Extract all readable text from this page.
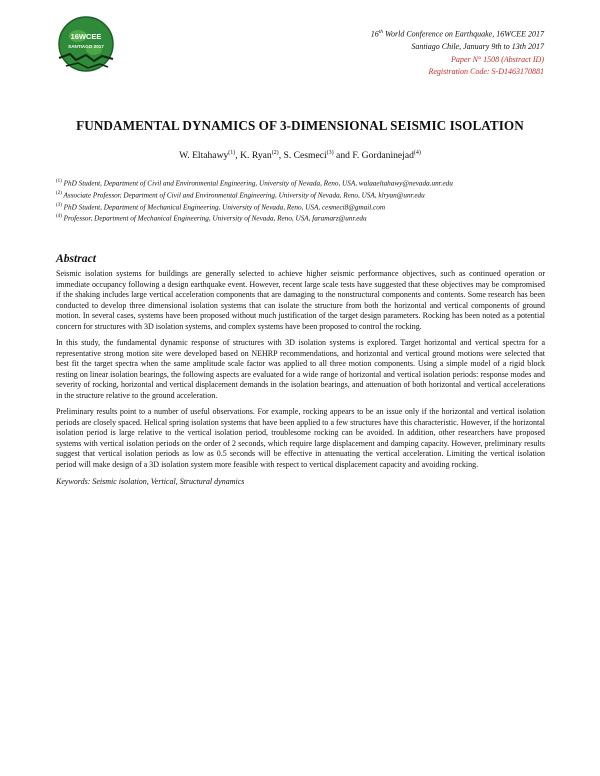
16WCEE
SANTIAGO 2017
16th World Conference on Earthquake, 16WCEE 2017
Santiago Chile, January 9th to 13th 2017
Paper N° 1508 (Abstract ID)
Registration Code: S-D1463170881
FUNDAMENTAL DYNAMICS OF 3-DIMENSIONAL SEISMIC ISOLATION
W. Eltahawy$^{(1)}$, K. Ryan$^{(2)}$, S. Cesmeci$^{(3)}$ and F. Gordaninejad$^{(4)}$
$^{(1)}$ PhD Student, Department of Civil and Environmental Engineering, University of Nevada, Reno, USA, walaaeltahawy@nevada.unr.edu
$^{(2)}$ Associate Professor, Department of Civil and Environmental Engineering, University of Nevada, Reno, USA, klryan@unr.edu
$^{(3)}$ PhD Student, Department of Mechanical Engineering, University of Nevada, Reno, USA, cesmeci8@gmail.com
$^{(4)}$ Professor, Department of Mechanical Engineering, University of Nevada, Reno, USA, faramarz@unr.edu
Abstract

Seismic isolation systems for buildings are generally selected to achieve higher seismic performance objectives, such as continued operation or immediate occupancy following a design earthquake event. However, recent large scale tests have suggested that these objectives may be compromised if the shaking includes large vertical acceleration components that are damaging to the nonstructural components and contents. Some research has been conducted to develop three dimensional isolation systems that can isolate the structure from both the horizontal and vertical components of ground motion. In several cases, systems have been proposed without much justification of the target design parameters. Rocking has been noted as a potential concern for structures with 3D isolation systems, and complex systems have been proposed to control the rocking.

In this study, the fundamental dynamic response of structures with 3D isolation systems is explored. Target horizontal and vertical spectra for a representative strong motion site were developed based on NEHRP recommendations, and horizontal and vertical ground motions were selected that best fit the target spectra when the same amplitude scale factor was applied to all three motion components. Using a simple model of a rigid block resting on linear isolation bearings, the following aspects are evaluated for a wide range of horizontal and vertical isolation periods: response modes and severity of rocking, horizontal and vertical displacement demands in the isolation bearings, and attenuation of both horizontal and vertical accelerations in the structure relative to the ground acceleration.

Preliminary results point to a number of useful observations. For example, rocking appears to be an issue only if the horizontal and vertical isolation periods are closely spaced. Helical spring isolation systems that have been applied to a few structures have this characteristic. However, if the horizontal isolation period is large relative to the vertical isolation period, troublesome rocking can be avoided. In addition, other researchers have proposed systems with vertical isolation periods on the order of 2 seconds, which require large displacement and damping capacity. However, preliminary results suggest that vertical isolation periods as low as 0.5 seconds will be effective in attenuating the vertical acceleration. Limiting the vertical isolation period will make design of a 3D isolation system more feasible with respect to vertical displacement capacity and avoiding rocking.

Keywords: Seismic isolation, Vertical, Structural dynamics
